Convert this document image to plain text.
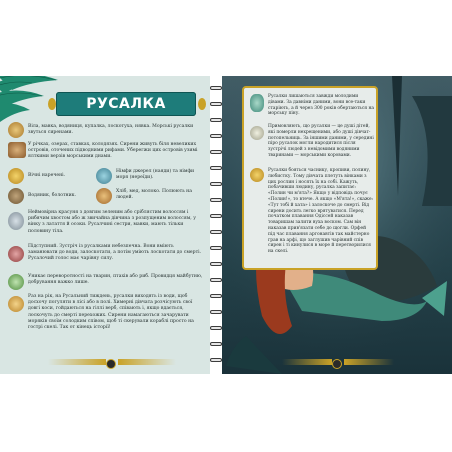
РУСАЛКА
Віла, мавка, водяниця, купалка, лоскотуха, нявка. Морські русалки звуться сиренами.
У річках, озерах, ставках, колодязях. Сирени живуть біля невеликих островів, оточених підводними рифами. Уберегжи цих островів узимі ялткими верзів морськими днами.
Вічні наречені.
Німфи джерел (наяди) та німфи моря (нереїди).
Водяник, болотник.
Хліб, мед, молоко. Полюють на людей.
Неймовірна красуня з довгим зеленим або сріблястим волоссям і рибячим хвостом або ж звичайна дівчина з розпущеним волоссям, у вінку з латаття й осоки. Русалчині сестри, мавки, мають тільки половину тіла.
Підступний. Зустріч із русалками небезпечна. Вони вміють заманювати до води, залоскотати, а потім уміють лоскотати до смерті. Русалочий голос має чарівну силу.
Уникає переворотності на тварин, птахів або риб. Провидця майбутню, добрування важко лише.
Раз на рік, на Русальний тиждень, русалки виходять із води, щоб досхочу погуляти в лісі або в полі. Химерні дівчата розчісують свої довгі коси, гойдаються на гіллі верб, співають і, якщо вдається, лоскочуть до смерті перехожих. Сирени намагаються зачарувати моряків своїм солодким співом, щоб ті скерували кораблі просто на гострі скелі. Так от кінець історії!
Русалки лишаються завжди молодими дівами. За давніми даними, вони все-таки старіють, а й через 300 років обертаються на морську піну.
Примовляють, що русалки — це душі дітей, які померли нехрещеними, або душі дівчат-потопельниць. За іншими даними, у середині піро русалок могли народитися після зустрічі людей з невідомими водяними тваринами — морськими коровами.
Русалки бояться часнику, кропиви, полину, любистку. Тому дівчата плетуть вінками з цих рослин і носять їх на собі. Кажуть, побачивши людину, русалка запитає: «Полин чи м'ята?» Якщо у відповідь почує «Полин!», то втече. А якщо «М'ята!», скаже: «Тут тобі й хата» і залоскоче до смерті. Від сирени досить легко врятуватися. Перед початком плавання Одіссей наказав товаришам залити вуха воском. Сам він наказав прив'язати себе до щогли. Орфей під час плавання аргонавтів так майстерно грав на арфі, що заглушив чарівний спів сирен і ті кинулися в море й перетворилися на скелі.
